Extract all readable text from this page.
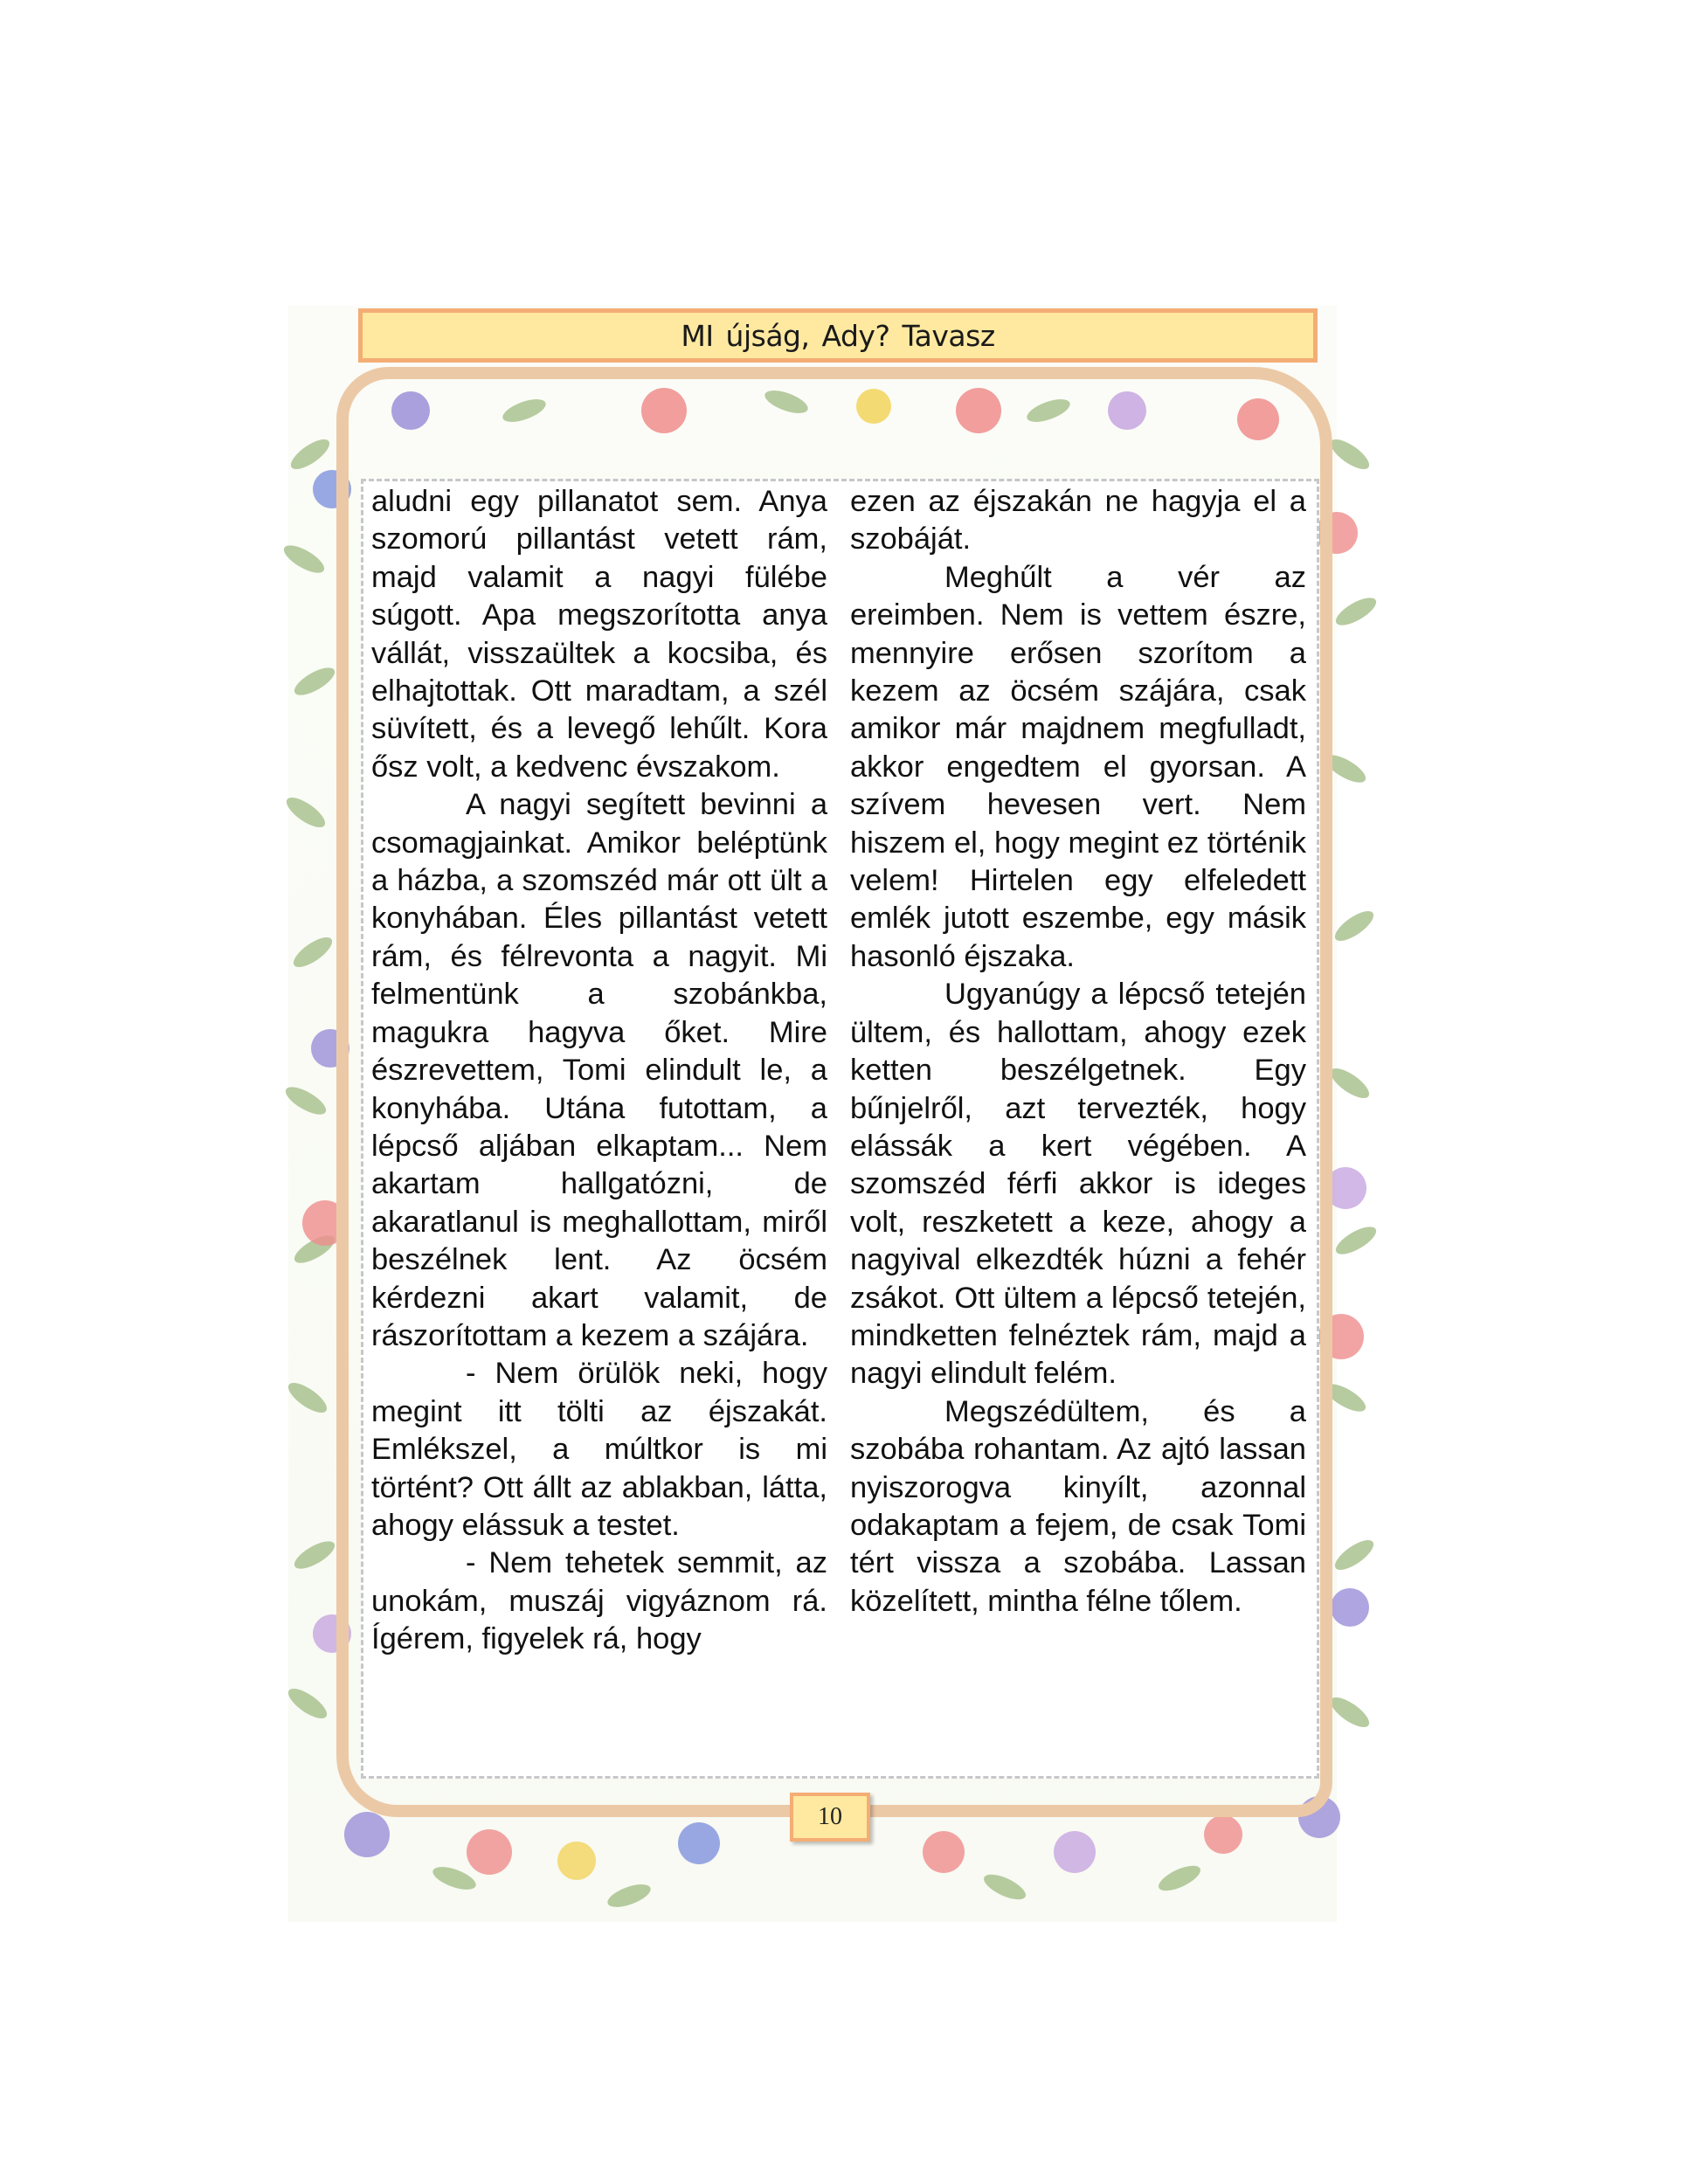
MI újság, Ady? Tavasz

aludni egy pillanatot sem. Anya szomorú pillantást vetett rám, majd valamit a nagyi fülébe súgott. Apa megszorította anya vállát, visszaültek a kocsiba, és elhajtottak. Ott maradtam, a szél süvített, és a levegő lehűlt. Kora ősz volt, a kedvenc évszakom.

A nagyi segített bevinni a csomagjainkat. Amikor beléptünk a házba, a szomszéd már ott ült a konyhában. Éles pillantást vetett rám, és félrevonta a nagyit. Mi felmentünk a szobánkba, magukra hagyva őket. Mire észrevettem, Tomi elindult le, a konyhába. Utána futottam, a lépcső aljában elkaptam... Nem akartam hallgatózni, de akaratlanul is meghallottam, miről beszélnek lent. Az öcsém kérdezni akart valamit, de rászorítottam a kezem a szájára.

- Nem örülök neki, hogy megint itt tölti az éjszakát. Emlékszel, a múltkor is mi történt? Ott állt az ablakban, látta, ahogy elássuk a testet.

- Nem tehetek semmit, az unokám, muszáj vigyáznom rá. Ígérem, figyelek rá, hogy

ezen az éjszakán ne hagyja el a szobáját.

Meghűlt a vér az ereimben. Nem is vettem észre, mennyire erősen szorítom a kezem az öcsém szájára, csak amikor már majdnem megfulladt, akkor engedtem el gyorsan. A szívem hevesen vert. Nem hiszem el, hogy megint ez történik velem! Hirtelen egy elfeledett emlék jutott eszembe, egy másik hasonló éjszaka.

Ugyanúgy a lépcső tetején ültem, és hallottam, ahogy ezek ketten beszélgetnek. Egy bűnjelről, azt tervezték, hogy elássák a kert végében. A szomszéd férfi akkor is ideges volt, reszketett a keze, ahogy a nagyival elkezdték húzni a fehér zsákot. Ott ültem a lépcső tetején, mindketten felnéztek rám, majd a nagyi elindult felém.

Megszédültem, és a szobába rohantam. Az ajtó lassan nyiszorogva kinyílt, azonnal odakaptam a fejem, de csak Tomi tért vissza a szobába. Lassan közelített, mintha félne tőlem.

10
